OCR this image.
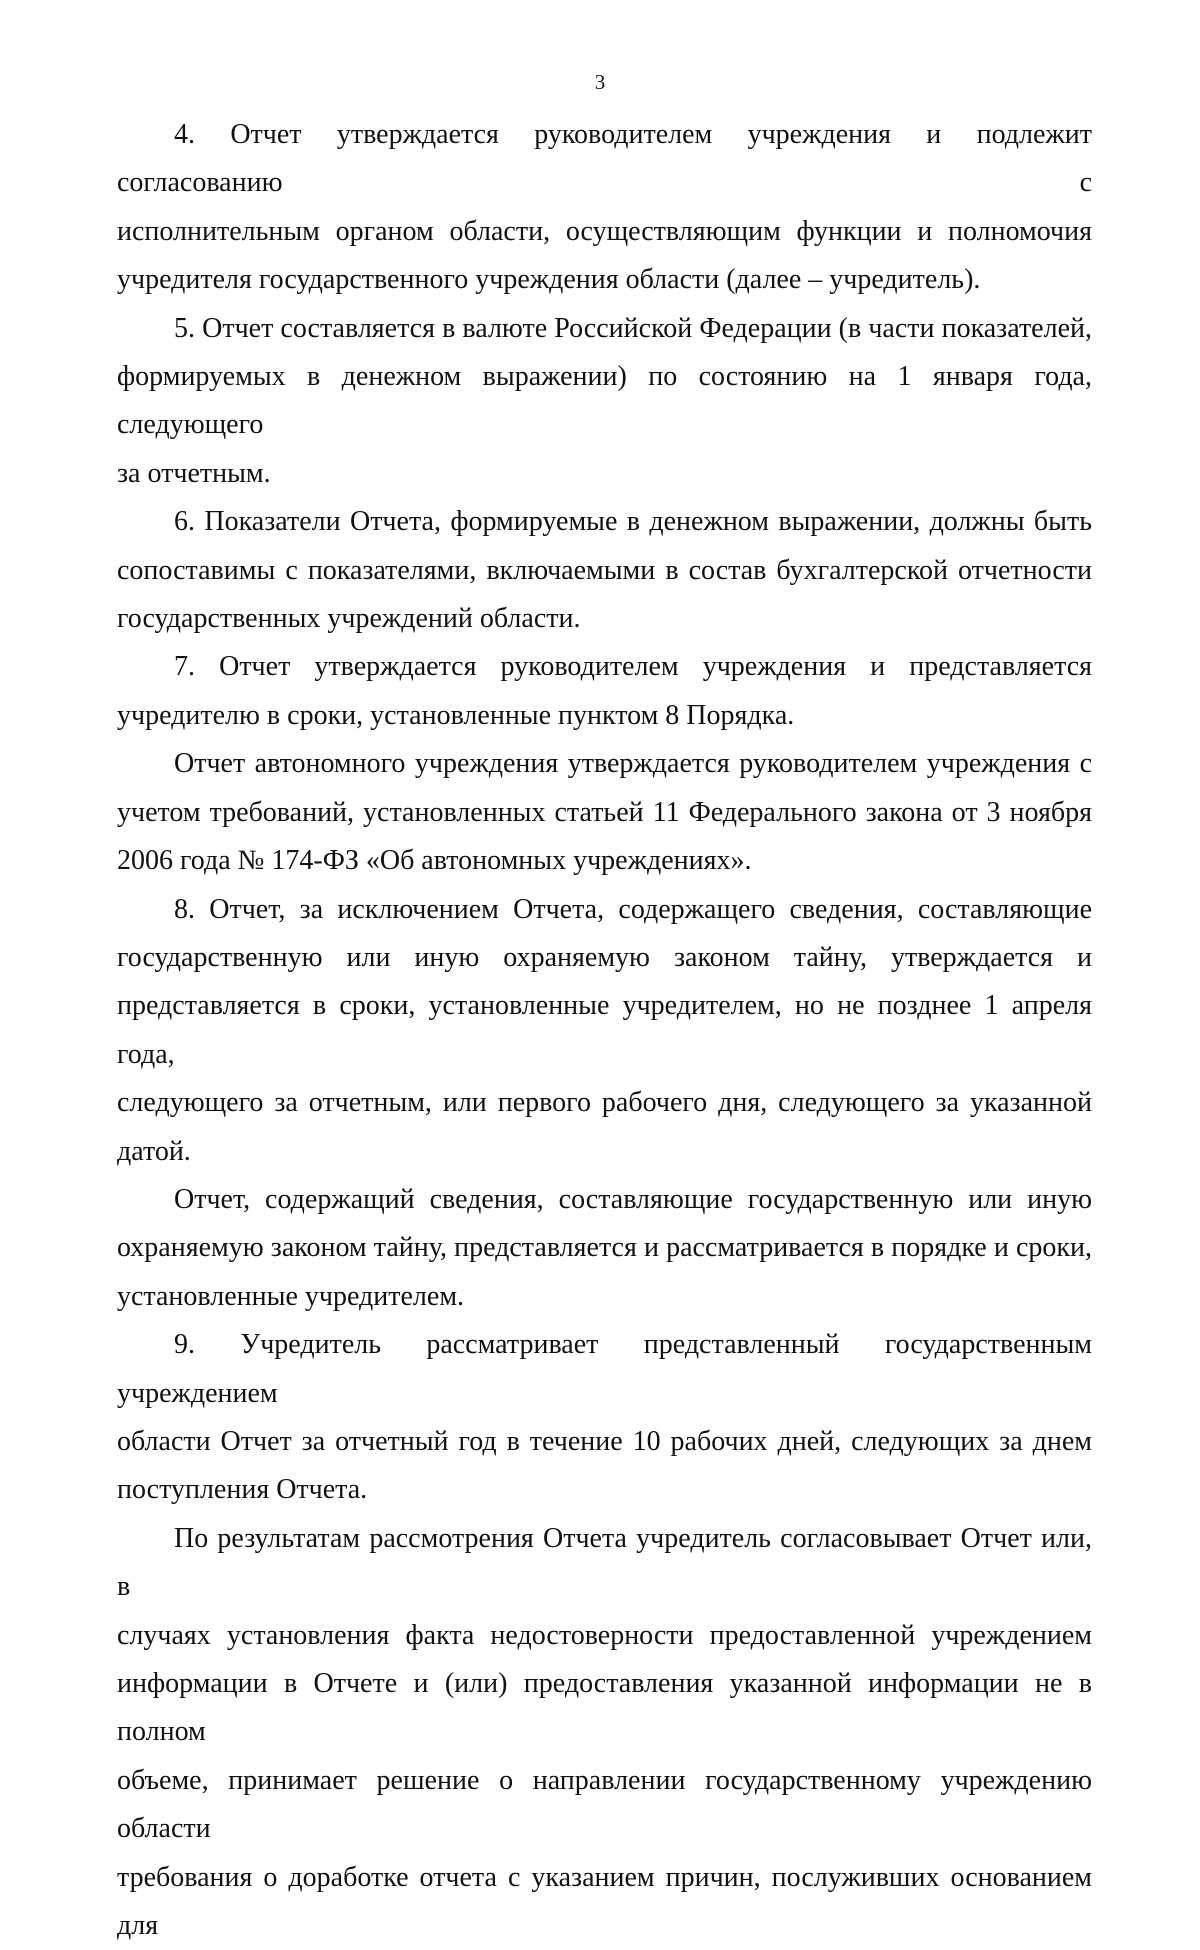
3
4. Отчет утверждается руководителем учреждения и подлежит согласованию с
исполнительным органом области, осуществляющим функции и полномочия
учредителя государственного учреждения области (далее – учредитель).
5. Отчет составляется в валюте Российской Федерации (в части показателей,
формируемых в денежном выражении) по состоянию на 1 января года, следующего
за отчетным.
6. Показатели Отчета, формируемые в денежном выражении, должны быть
сопоставимы с показателями, включаемыми в состав бухгалтерской отчетности
государственных учреждений области.
7. Отчет утверждается руководителем учреждения и представляется
учредителю в сроки, установленные пунктом 8 Порядка.
Отчет автономного учреждения утверждается руководителем учреждения с
учетом требований, установленных статьей 11 Федерального закона от 3 ноября
2006 года № 174-ФЗ «Об автономных учреждениях».
8. Отчет, за исключением Отчета, содержащего сведения, составляющие
государственную или иную охраняемую законом тайну, утверждается и
представляется в сроки, установленные учредителем, но не позднее 1 апреля года,
следующего за отчетным, или первого рабочего дня, следующего за указанной
датой.
Отчет, содержащий сведения, составляющие государственную или иную
охраняемую законом тайну, представляется и рассматривается в порядке и сроки,
установленные учредителем.
9. Учредитель рассматривает представленный государственным учреждением
области Отчет за отчетный год в течение 10 рабочих дней, следующих за днем
поступления Отчета.
По результатам рассмотрения Отчета учредитель согласовывает Отчет или, в
случаях установления факта недостоверности предоставленной учреждением
информации в Отчете и (или) предоставления указанной информации не в полном
объеме, принимает решение о направлении государственному учреждению области
требования о доработке отчета с указанием причин, послуживших основанием для
